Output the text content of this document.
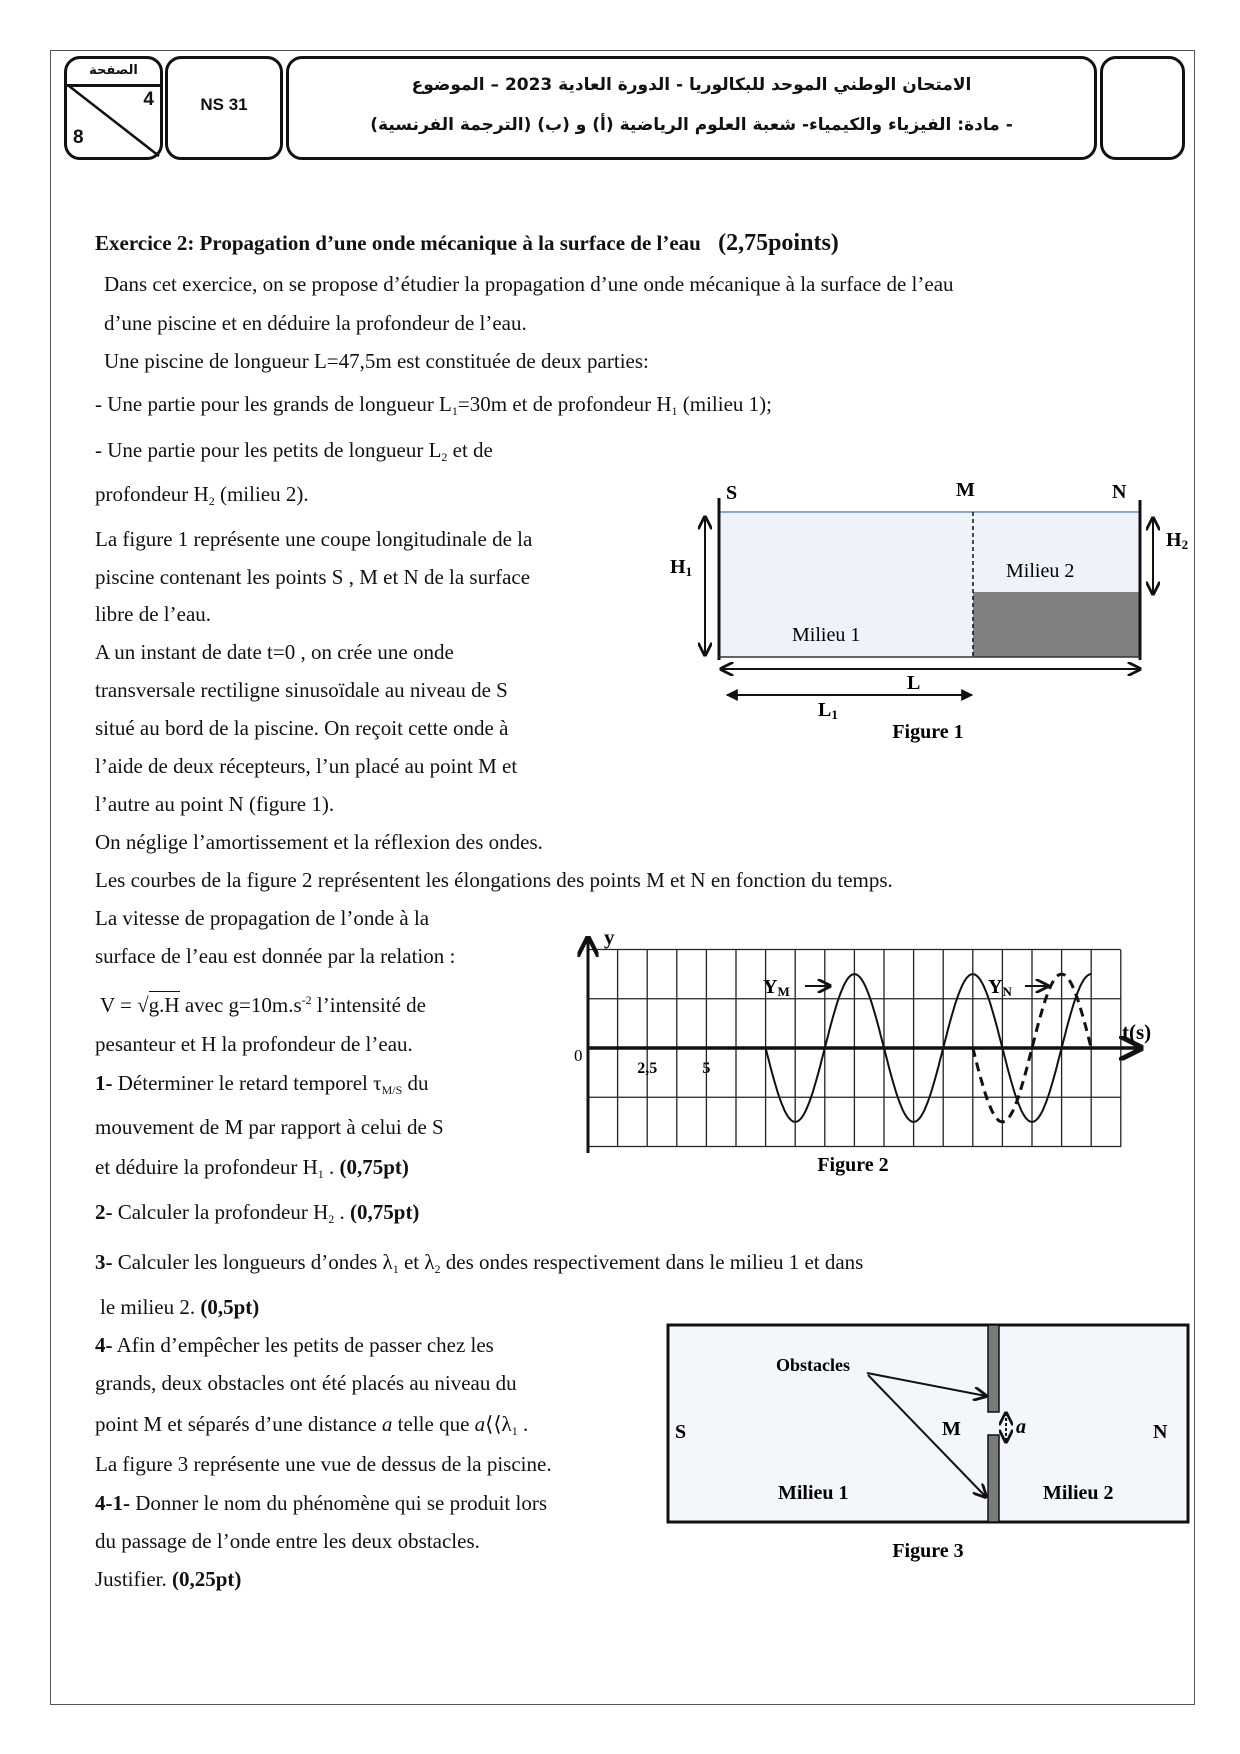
الصفحة
4
8
NS 31
الامتحان الوطني الموحد للبكالوريا - الدورة العادية 2023 – الموضوع
- مادة: الفيزياء والكيمياء- شعبة العلوم الرياضية (أ) و (ب) (الترجمة الفرنسية)
Exercice 2: Propagation d’une onde mécanique à la surface de l’eau (2,75points)
Dans cet exercice, on se propose d’étudier la propagation d’une onde mécanique à la surface de l’eau
d’une piscine et en déduire la profondeur de l’eau.
Une piscine de longueur L=47,5m est constituée de deux parties:
- Une partie pour les grands de longueur $L_1=30m$ et de profondeur $H_1$ (milieu 1);
- Une partie pour les petits de longueur $L_2$ et de
profondeur $H_2$ (milieu 2).
La figure 1 représente une coupe longitudinale de la
piscine contenant les points S , M et N de la surface
libre de l’eau.
A un instant de date t=0 , on crée une onde
transversale rectiligne sinusoïdale au niveau de S
situé au bord de la piscine. On reçoit cette onde à
l’aide de deux récepteurs, l’un placé au point M et
l’autre au point N (figure 1).
On néglige l’amortissement et la réflexion des ondes.
Les courbes de la figure 2 représentent les élongations des points M et N en fonction du temps.
La vitesse de propagation de l’onde à la
surface de l’eau est donnée par la relation :
V = √g.H avec $g=10m.s^{-2}$ l’intensité de
pesanteur et H la profondeur de l’eau.
1- Déterminer le retard temporel $\tau_{M/S}$ du
mouvement de M par rapport à celui de S
et déduire la profondeur $H_1$ . (0,75pt)
2- Calculer la profondeur $H_2$ . (0,75pt)
3- Calculer les longueurs d’ondes $\lambda_1$ et $\lambda_2$ des ondes respectivement dans le milieu 1 et dans
le milieu 2. (0,5pt)
4- Afin d’empêcher les petits de passer chez les
grands, deux obstacles ont été placés au niveau du
point M et séparés d’une distance a telle que $a⟨⟨\lambda_1$ .
La figure 3 représente une vue de dessus de la piscine.
4-1- Donner le nom du phénomène qui se produit lors
du passage de l’onde entre les deux obstacles.
Justifier. (0,25pt)
S	M	N
H1
H2
L
L1
Milieu 1
Milieu 2
Figure 1
y
t(s)
0
2,5	5
YM	YN
Figure 2
Obstacles
S	M	a	N
Milieu 1	Milieu 2
Figure 3
